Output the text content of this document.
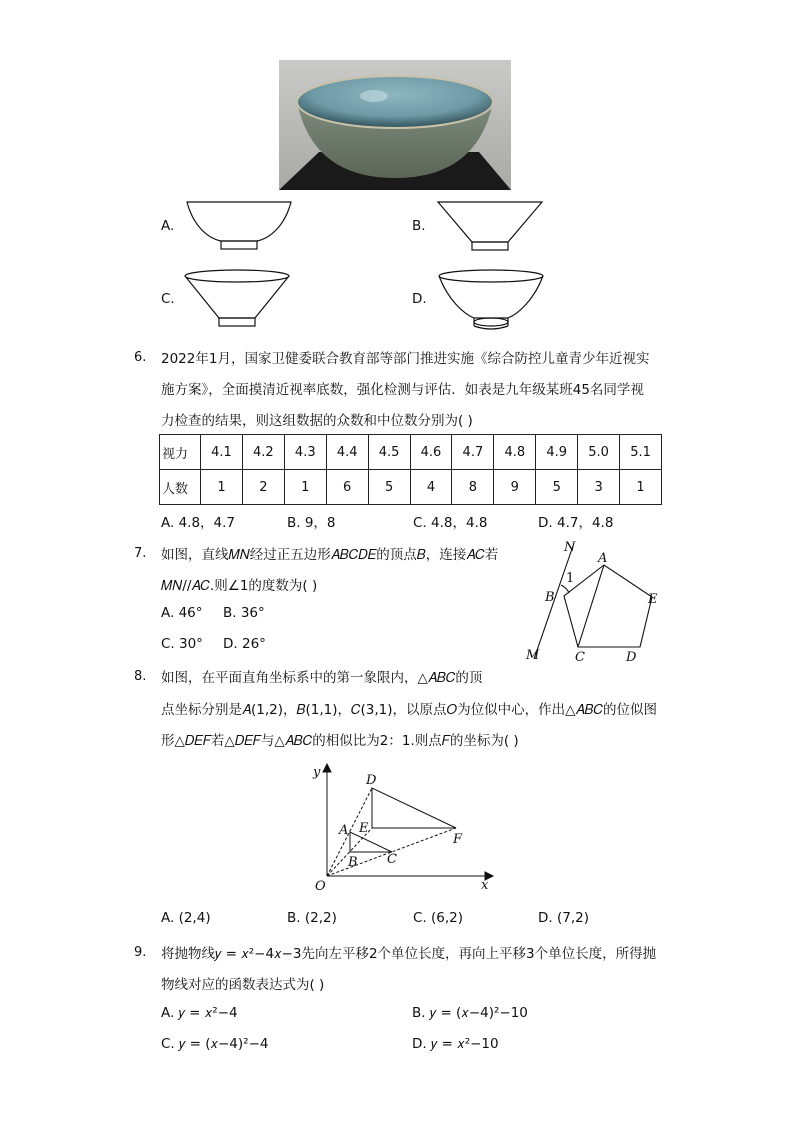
A.	B.
C.	D.
6. 2022年1月，国家卫健委联合教育部等部门推进实施《综合防控儿童青少年近视实
施方案》，全面摸清近视率底数，强化检测与评估．如表是九年级某班45名同学视
力检查的结果，则这组数据的众数和中位数分别为( )
视力	4.1	4.2	4.3	4.4	4.5	4.6	4.7	4.8	4.9	5.0	5.1
人数	1	2	1	6	5	4	8	9	5	3	1
A. 4.8，4.7	B. 9，8	C. 4.8，4.8	D. 4.7，4.8
7. 如图，直线𝑀𝑁经过正五边形𝐴𝐵𝐶𝐷𝐸的顶点𝐵，连接𝐴𝐶若
𝑀𝑁//𝐴𝐶.则∠1的度数为( )
A. 46° B. 36°
C. 30° D. 26°
N
A
1
B	E
M	C	D
8. 如图，在平面直角坐标系中的第一象限内，△𝐴𝐵𝐶的顶
点坐标分别是𝐴(1,2)，𝐵(1,1)，𝐶(3,1)，以原点𝑂为位似中心，作出△𝐴𝐵𝐶的位似图
形△𝐷𝐸𝐹若△𝐷𝐸𝐹与△𝐴𝐵𝐶的相似比为2：1.则点𝐹的坐标为( )
y
D
A E
F
B C
O	x
A. (2,4)	B. (2,2)	C. (6,2)	D. (7,2)
9. 将抛物线𝑦 = 𝑥²−4𝑥−3先向左平移2个单位长度，再向上平移3个单位长度，所得抛
物线对应的函数表达式为( )
A. 𝑦 = 𝑥²−4	B. 𝑦 = (𝑥−4)²−10
C. 𝑦 = (𝑥−4)²−4	D. 𝑦 = 𝑥²−10
